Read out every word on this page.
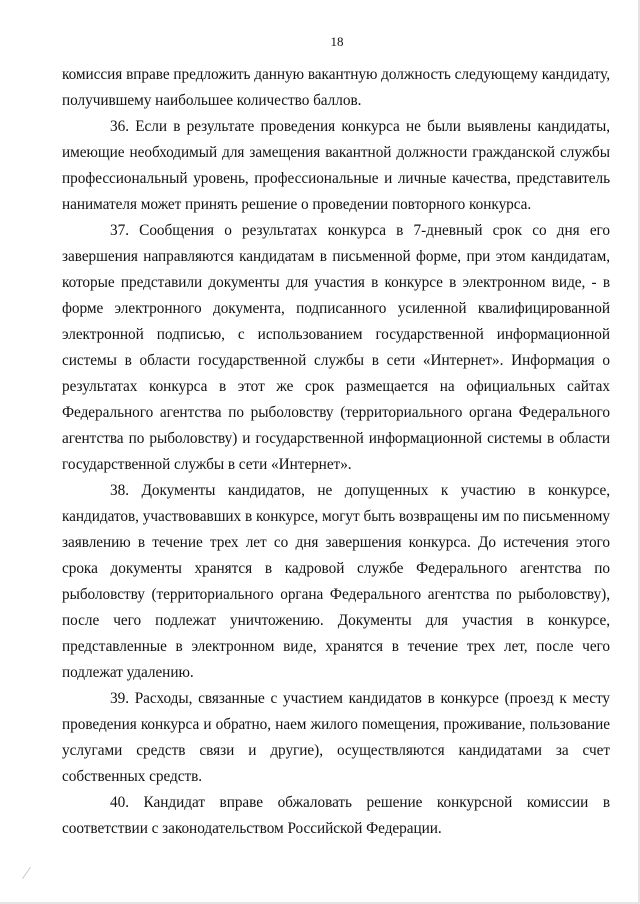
18

комиссия вправе предложить данную вакантную должность следующему кандидату, получившему наибольшее количество баллов.

36. Если в результате проведения конкурса не были выявлены кандидаты, имеющие необходимый для замещения вакантной должности гражданской службы профессиональный уровень, профессиональные и личные качества, представитель нанимателя может принять решение о проведении повторного конкурса.

37. Сообщения о результатах конкурса в 7-дневный срок со дня его завершения направляются кандидатам в письменной форме, при этом кандидатам, которые представили документы для участия в конкурсе в электронном виде, - в форме электронного документа, подписанного усиленной квалифицированной электронной подписью, с использованием государственной информационной системы в области государственной службы в сети «Интернет». Информация о результатах конкурса в этот же срок размещается на официальных сайтах Федерального агентства по рыболовству (территориального органа Федерального агентства по рыболовству) и государственной информационной системы в области государственной службы в сети «Интернет».

38. Документы кандидатов, не допущенных к участию в конкурсе, кандидатов, участвовавших в конкурсе, могут быть возвращены им по письменному заявлению в течение трех лет со дня завершения конкурса. До истечения этого срока документы хранятся в кадровой службе Федерального агентства по рыболовству (территориального органа Федерального агентства по рыболовству), после чего подлежат уничтожению. Документы для участия в конкурсе, представленные в электронном виде, хранятся в течение трех лет, после чего подлежат удалению.

39. Расходы, связанные с участием кандидатов в конкурсе (проезд к месту проведения конкурса и обратно, наем жилого помещения, проживание, пользование услугами средств связи и другие), осуществляются кандидатами за счет собственных средств.

40. Кандидат вправе обжаловать решение конкурсной комиссии в соответствии с законодательством Российской Федерации.
